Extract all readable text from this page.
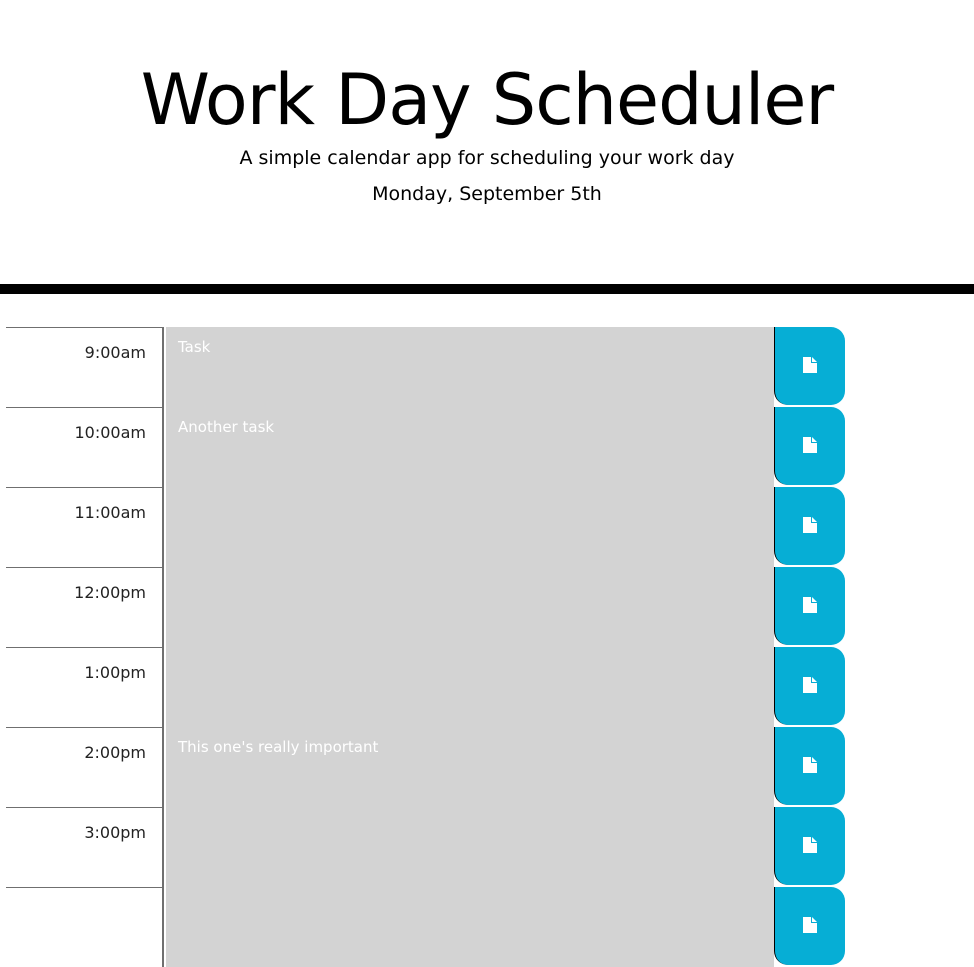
Work Day Scheduler

A simple calendar app for scheduling your work day

Monday, September 5th

9:00am
Task
10:00am
Another task
11:00am
12:00pm
1:00pm
2:00pm
This one's really important
3:00pm
